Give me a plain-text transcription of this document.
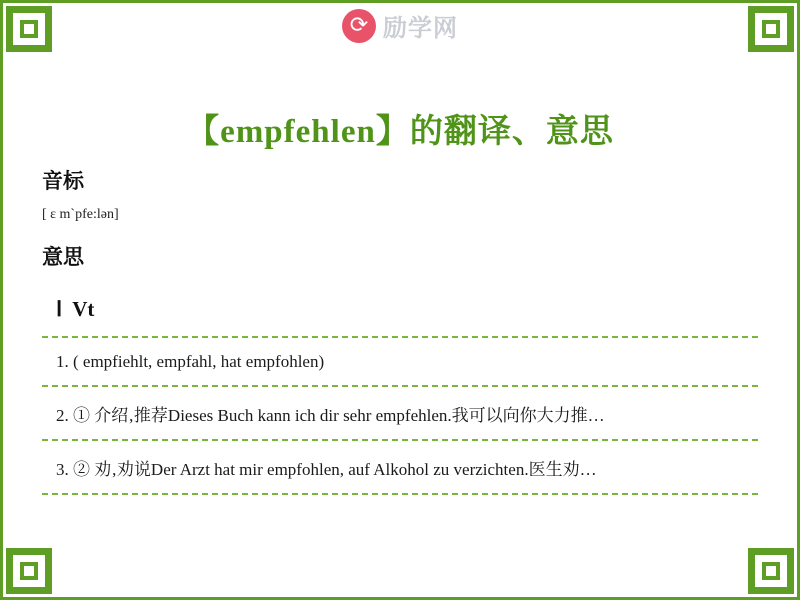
⟳ 励学网
【empfehlen】的翻译、意思
音标
[ ɛ m`pfe:lən]
意思
Ⅰ Vt
1. ( empfiehlt, empfahl, hat empfohlen)
2. ① 介绍‚推荐Dieses Buch kann ich dir sehr empfehlen.我可以向你大力推…
3. ② 劝‚劝说Der Arzt hat mir empfohlen, auf Alkohol zu verzichten.医生劝…
